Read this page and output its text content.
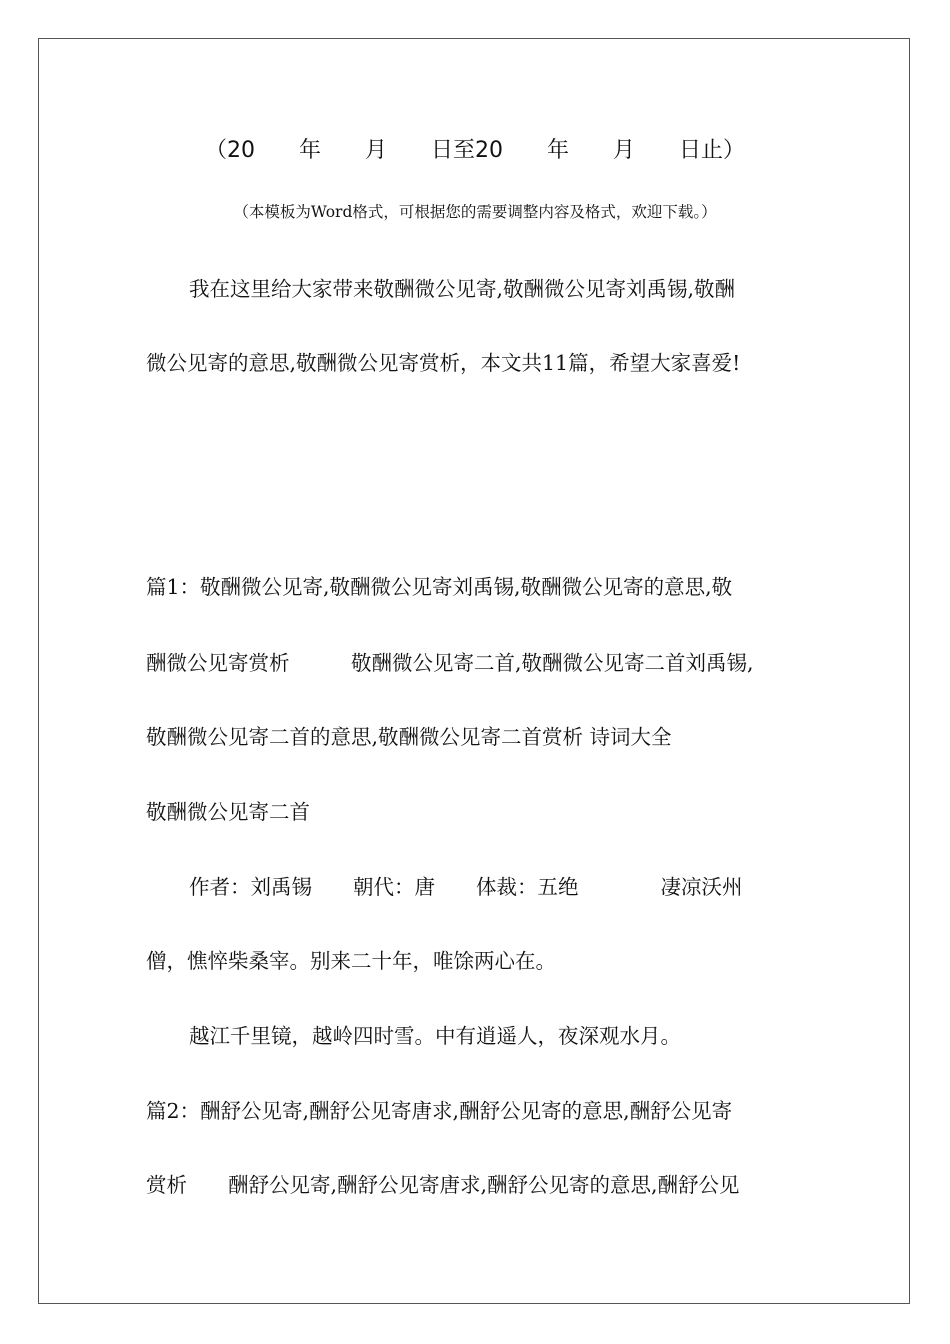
（20　　年　　月　　日至20　　年　　月　　日止）
（本模板为Word格式，可根据您的需要调整内容及格式，欢迎下载。）
我在这里给大家带来敬酬微公见寄,敬酬微公见寄刘禹锡,敬酬
微公见寄的意思,敬酬微公见寄赏析，本文共11篇，希望大家喜爱!
篇1：敬酬微公见寄,敬酬微公见寄刘禹锡,敬酬微公见寄的意思,敬
酬微公见寄赏析　　　敬酬微公见寄二首,敬酬微公见寄二首刘禹锡,
敬酬微公见寄二首的意思,敬酬微公见寄二首赏析 诗词大全
敬酬微公见寄二首
作者：刘禹锡　　朝代：唐　　体裁：五绝　　　　凄凉沃州
僧，憔悴柴桑宰。别来二十年，唯馀两心在。
越江千里镜，越岭四时雪。中有逍遥人，夜深观水月。
篇2：酬舒公见寄,酬舒公见寄唐求,酬舒公见寄的意思,酬舒公见寄
赏析　　酬舒公见寄,酬舒公见寄唐求,酬舒公见寄的意思,酬舒公见
